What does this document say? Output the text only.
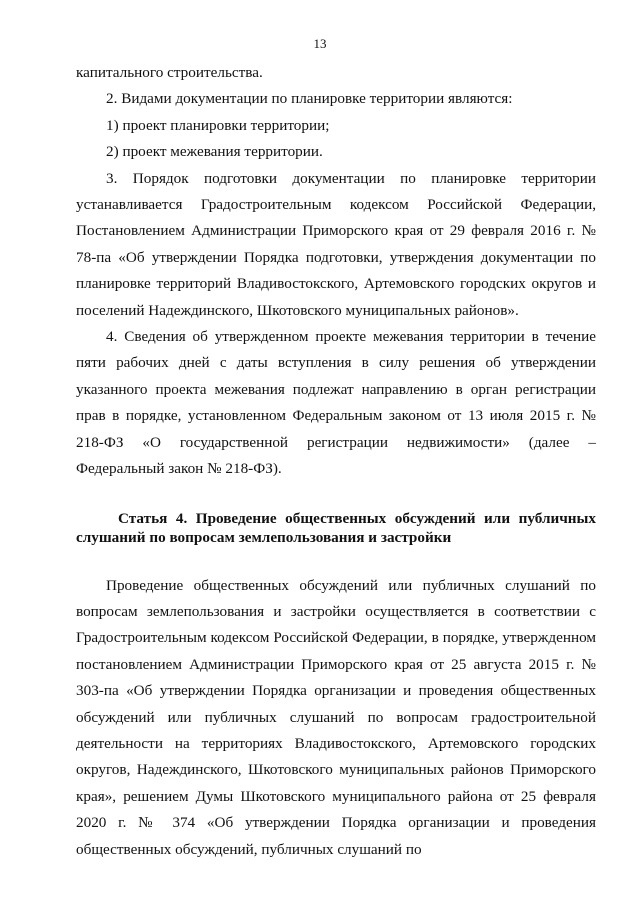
13

капитального строительства.

2. Видами документации по планировке территории являются:

1) проект планировки территории;

2) проект межевания территории.

3. Порядок подготовки документации по планировке территории устанавливается Градостроительным кодексом Российской Федерации, Постановлением Администрации Приморского края от 29 февраля 2016 г. № 78-па «Об утверждении Порядка подготовки, утверждения документации по планировке территорий Владивостокского, Артемовского городских округов и поселений Надеждинского, Шкотовского муниципальных районов».

4. Сведения об утвержденном проекте межевания территории в течение пяти рабочих дней с даты вступления в силу решения об утверждении указанного проекта межевания подлежат направлению в орган регистрации прав в порядке, установленном Федеральным законом от 13 июля 2015 г. № 218-ФЗ «О государственной регистрации недвижимости» (далее – Федеральный закон № 218-ФЗ).

Статья 4. Проведение общественных обсуждений или публичных слушаний по вопросам землепользования и застройки

Проведение общественных обсуждений или публичных слушаний по вопросам землепользования и застройки осуществляется в соответствии с Градостроительным кодексом Российской Федерации, в порядке, утвержденном постановлением Администрации Приморского края от 25 августа 2015 г. № 303-па «Об утверждении Порядка организации и проведения общественных обсуждений или публичных слушаний по вопросам градостроительной деятельности на территориях Владивостокского, Артемовского городских округов, Надеждинского, Шкотовского муниципальных районов Приморского края», решением Думы Шкотовского муниципального района от 25 февраля 2020 г. № 374 «Об утверждении Порядка организации и проведения общественных обсуждений, публичных слушаний по
